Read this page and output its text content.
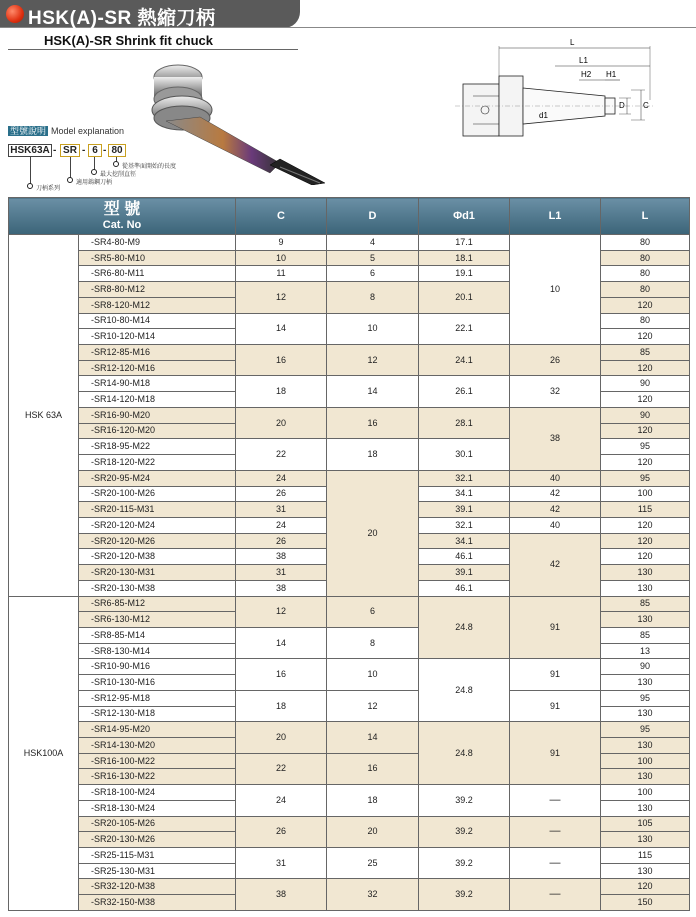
HSK(A)-SR 熱縮刀柄
HSK(A)-SR Shrink fit chuck	L
L1
H2 H1
D C
d1
型號說明 Model explanation
HSK63A - SR - 6 - 80
從基準面開始的長度
最大挖削直徑
適用鎢鋼刀柄
刀柄系列
型 號
Cat. No		C	D	Φd1	L1	L
HSK 63A	-SR4-80-M9	9	4	17.1	10	80
	-SR5-80-M10	10	5	18.1		80
	-SR6-80-M11	11	6	19.1		80
	-SR8-80-M12	12	8	20.1		80
	-SR8-120-M12					120
	-SR10-80-M14	14	10	22.1		80
	-SR10-120-M14					120
	-SR12-85-M16	16	12	24.1	26	85
	-SR12-120-M16					120
	-SR14-90-M18	18	14	26.1	32	90
	-SR14-120-M18					120
	-SR16-90-M20	20	16	28.1	38	90
	-SR16-120-M20					120
	-SR18-95-M22	22	18	30.1		95
	-SR18-120-M22					120
	-SR20-95-M24	24	20	32.1	40	95
	-SR20-100-M26	26		34.1	42	100
	-SR20-115-M31	31		39.1	42	115
	-SR20-120-M24	24		32.1	40	120
	-SR20-120-M26	26		34.1	42	120
	-SR20-120-M38	38		46.1		120
	-SR20-130-M31	31		39.1		130
	-SR20-130-M38	38		46.1		130
HSK100A	-SR6-85-M12	12	6	24.8	91	85
	-SR6-130-M12					130
	-SR8-85-M14	14	8			85
	-SR8-130-M14					13
	-SR10-90-M16	16	10	24.8	91	90
	-SR10-130-M16					130
	-SR12-95-M18	18	12		91	95
	-SR12-130-M18					130
	-SR14-95-M20	20	14	24.8	91	95
	-SR14-130-M20					130
	-SR16-100-M22	22	16			100
	-SR16-130-M22					130
	-SR18-100-M24	24	18	39.2	—	100
	-SR18-130-M24					130
	-SR20-105-M26	26	20	39.2	—	105
	-SR20-130-M26					130
	-SR25-115-M31	31	25	39.2	—	115
	-SR25-130-M31					130
	-SR32-120-M38	38	32	39.2	—	120
	-SR32-150-M38					150
